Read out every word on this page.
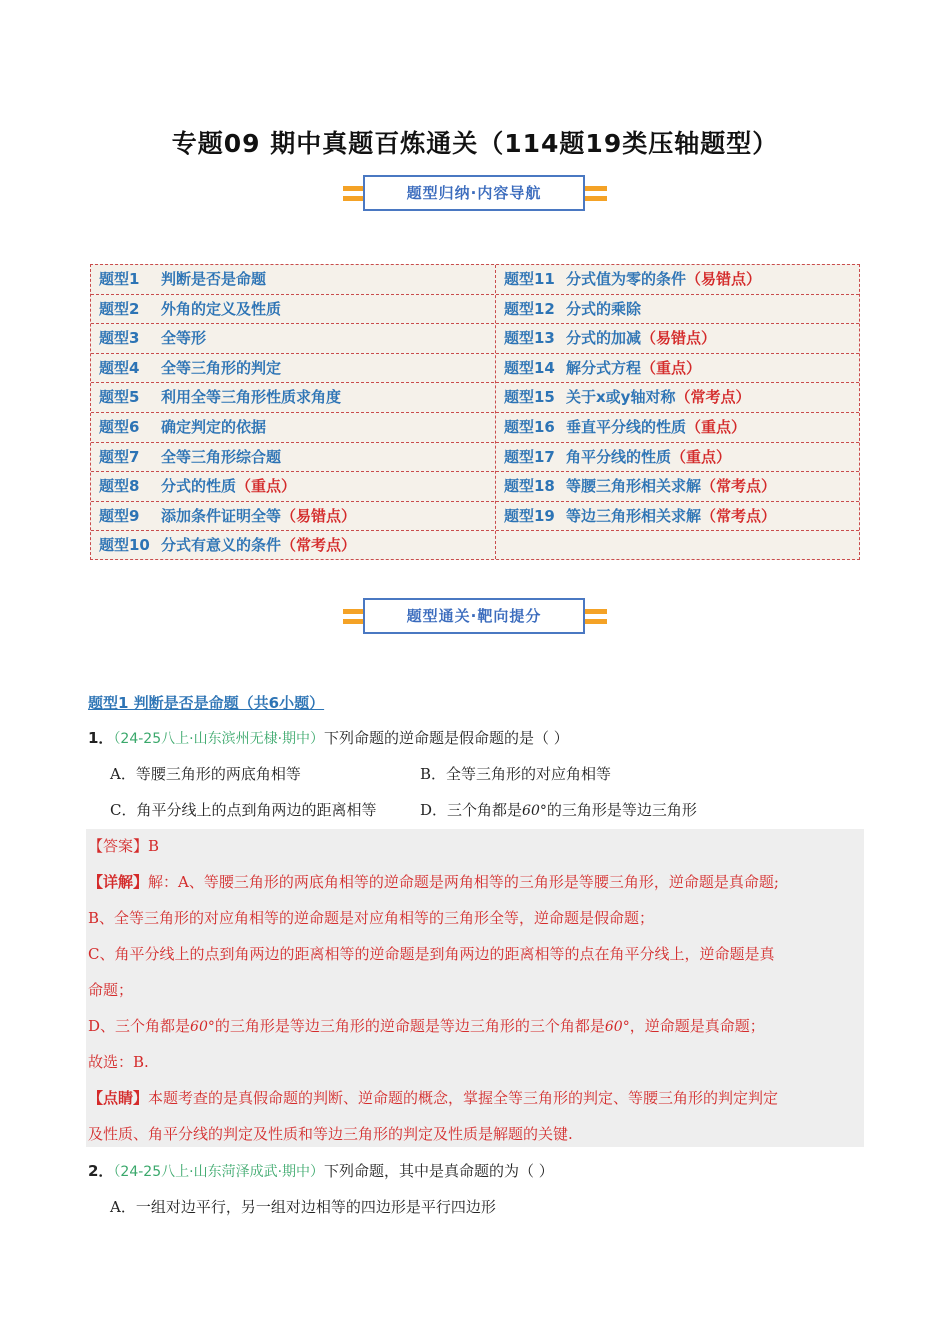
专题09 期中真题百炼通关（114题19类压轴题型）
题型归纳·内容导航
题型1 判断是否是命题
题型2 外角的定义及性质
题型3 全等形
题型4 全等三角形的判定
题型5 利用全等三角形性质求角度
题型6 确定判定的依据
题型7 全等三角形综合题
题型8 分式的性质（重点）
题型9 添加条件证明全等（易错点）
题型10 分式有意义的条件（常考点）
题型11 分式值为零的条件（易错点）
题型12 分式的乘除
题型13 分式的加减（易错点）
题型14 解分式方程（重点）
题型15 关于x或y轴对称（常考点）
题型16 垂直平分线的性质（重点）
题型17 角平分线的性质（重点）
题型18 等腰三角形相关求解（常考点）
题型19 等边三角形相关求解（常考点）
题型通关·靶向提分
题型1 判断是否是命题（共6小题）
1．（24-25八上·山东滨州无棣·期中）下列命题的逆命题是假命题的是（ ）
A．等腰三角形的两底角相等	B．全等三角形的对应角相等
C．角平分线上的点到角两边的距离相等	D．三个角都是60°的三角形是等边三角形
【答案】B
【详解】解：A、等腰三角形的两底角相等的逆命题是两角相等的三角形是等腰三角形，逆命题是真命题;
B、全等三角形的对应角相等的逆命题是对应角相等的三角形全等，逆命题是假命题；
C、角平分线上的点到角两边的距离相等的逆命题是到角两边的距离相等的点在角平分线上，逆命题是真
命题；
D、三个角都是60°的三角形是等边三角形的逆命题是等边三角形的三个角都是60°，逆命题是真命题；
故选：B.
【点睛】本题考查的是真假命题的判断、逆命题的概念，掌握全等三角形的判定、等腰三角形的判定判定
及性质、角平分线的判定及性质和等边三角形的判定及性质是解题的关键.
2．（24-25八上·山东菏泽成武·期中）下列命题，其中是真命题的为（ ）
A．一组对边平行，另一组对边相等的四边形是平行四边形
